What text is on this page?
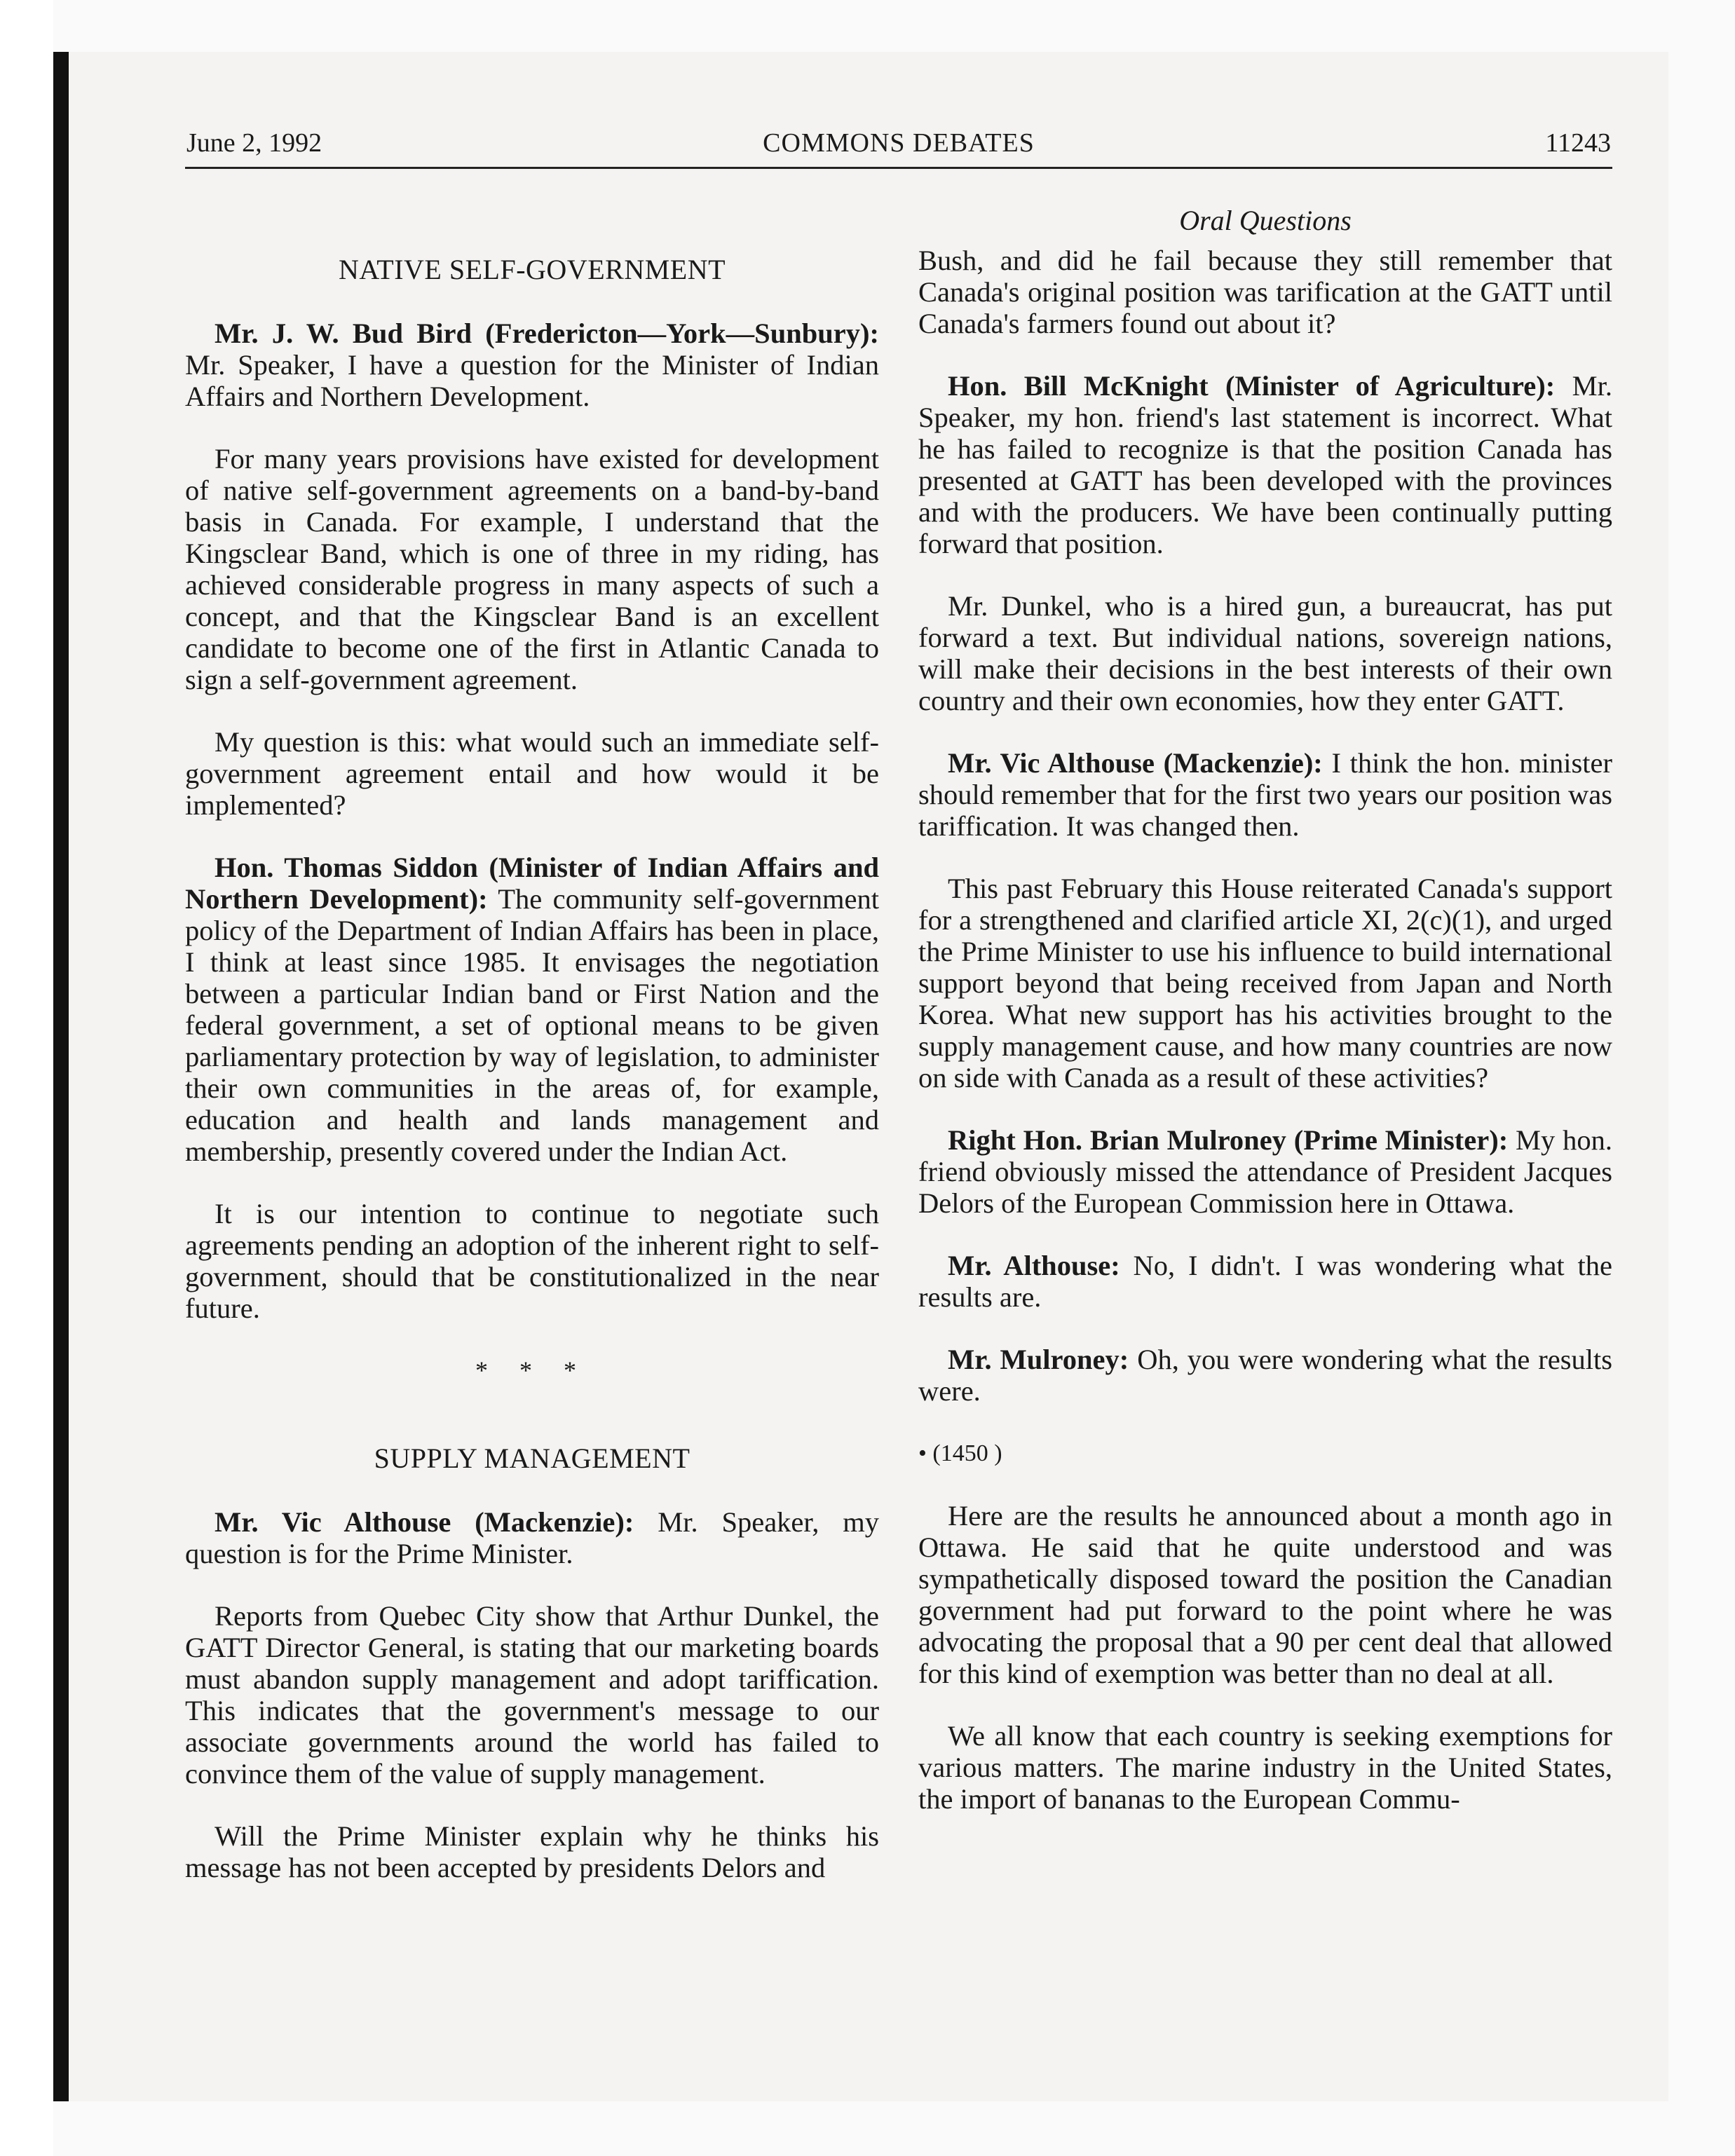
June 2, 1992	COMMONS DEBATES	11243
NATIVE SELF-GOVERNMENT

Mr. J. W. Bud Bird (Fredericton—York—Sunbury): Mr. Speaker, I have a question for the Minister of Indian Affairs and Northern Development.

For many years provisions have existed for development of native self-government agreements on a band-by-band basis in Canada. For example, I understand that the Kingsclear Band, which is one of three in my riding, has achieved considerable progress in many aspects of such a concept, and that the Kingsclear Band is an excellent candidate to become one of the first in Atlantic Canada to sign a self-government agreement.

My question is this: what would such an immediate self-government agreement entail and how would it be implemented?

Hon. Thomas Siddon (Minister of Indian Affairs and Northern Development): The community self-government policy of the Department of Indian Affairs has been in place, I think at least since 1985. It envisages the negotiation between a particular Indian band or First Nation and the federal government, a set of optional means to be given parliamentary protection by way of legislation, to administer their own communities in the areas of, for example, education and health and lands management and membership, presently covered under the Indian Act.

It is our intention to continue to negotiate such agreements pending an adoption of the inherent right to self-government, should that be constitutionalized in the near future.

* * *
SUPPLY MANAGEMENT

Mr. Vic Althouse (Mackenzie): Mr. Speaker, my question is for the Prime Minister.

Reports from Quebec City show that Arthur Dunkel, the GATT Director General, is stating that our marketing boards must abandon supply management and adopt tariffication. This indicates that the government's message to our associate governments around the world has failed to convince them of the value of supply management.

Will the Prime Minister explain why he thinks his message has not been accepted by presidents Delors and

Oral Questions

Bush, and did he fail because they still remember that Canada's original position was tarification at the GATT until Canada's farmers found out about it?

Hon. Bill McKnight (Minister of Agriculture): Mr. Speaker, my hon. friend's last statement is incorrect. What he has failed to recognize is that the position Canada has presented at GATT has been developed with the provinces and with the producers. We have been continually putting forward that position.

Mr. Dunkel, who is a hired gun, a bureaucrat, has put forward a text. But individual nations, sovereign nations, will make their decisions in the best interests of their own country and their own economies, how they enter GATT.

Mr. Vic Althouse (Mackenzie): I think the hon. minister should remember that for the first two years our position was tariffication. It was changed then.

This past February this House reiterated Canada's support for a strengthened and clarified article XI, 2(c)(1), and urged the Prime Minister to use his influence to build international support beyond that being received from Japan and North Korea. What new support has his activities brought to the supply management cause, and how many countries are now on side with Canada as a result of these activities?

Right Hon. Brian Mulroney (Prime Minister): My hon. friend obviously missed the attendance of President Jacques Delors of the European Commission here in Ottawa.

Mr. Althouse: No, I didn't. I was wondering what the results are.

Mr. Mulroney: Oh, you were wondering what the results were.

• (1450 )

Here are the results he announced about a month ago in Ottawa. He said that he quite understood and was sympathetically disposed toward the position the Canadian government had put forward to the point where he was advocating the proposal that a 90 per cent deal that allowed for this kind of exemption was better than no deal at all.

We all know that each country is seeking exemptions for various matters. The marine industry in the United States, the import of bananas to the European Commu-
